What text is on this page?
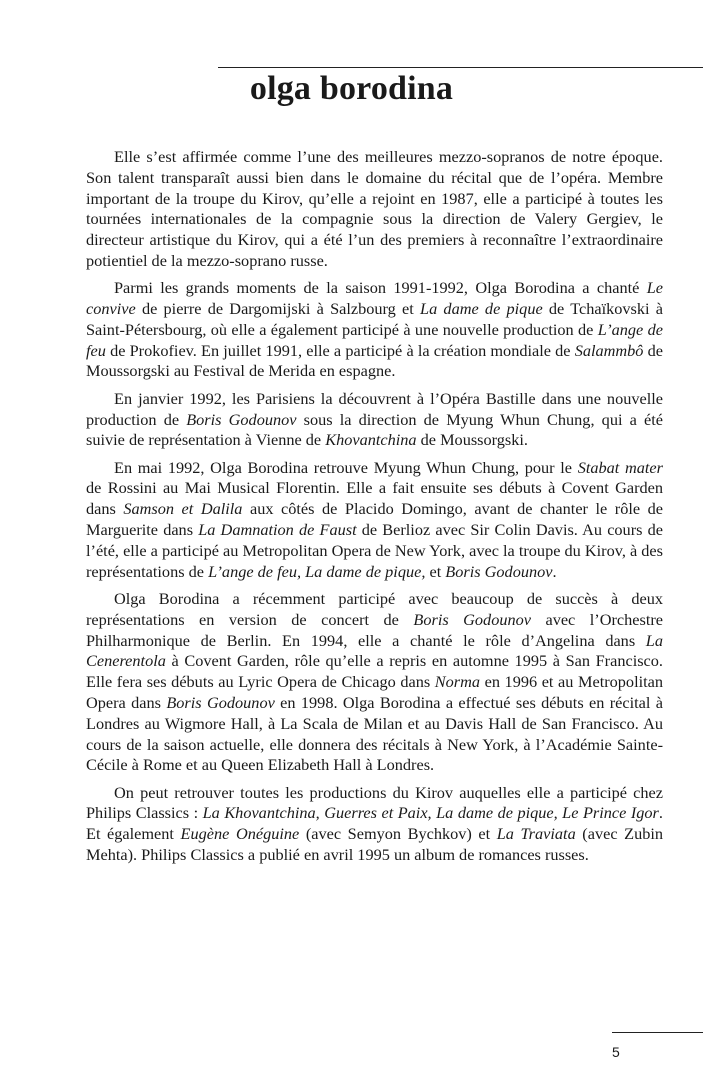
olga borodina

Elle s’est affirmée comme l’une des meilleures mezzo-sopranos de notre époque. Son talent transparaît aussi bien dans le domaine du récital que de l’opéra. Membre important de la troupe du Kirov, qu’elle a rejoint en 1987, elle a participé à toutes les tournées internationales de la compagnie sous la direction de Valery Gergiev, le directeur artistique du Kirov, qui a été l’un des premiers à reconnaître l’extraordinaire potientiel de la mezzo-soprano russe.

Parmi les grands moments de la saison 1991-1992, Olga Borodina a chanté Le convive de pierre de Dargomijski à Salzbourg et La dame de pique de Tchaïkovski à Saint-Pétersbourg, où elle a également participé à une nouvelle production de L’ange de feu de Prokofiev. En juillet 1991, elle a participé à la création mondiale de Salammbô de Moussorgski au Festival de Merida en espagne.

En janvier 1992, les Parisiens la découvrent à l’Opéra Bastille dans une nouvelle production de Boris Godounov sous la direction de Myung Whun Chung, qui a été suivie de représentation à Vienne de Khovantchina de Moussorgski.

En mai 1992, Olga Borodina retrouve Myung Whun Chung, pour le Stabat mater de Rossini au Mai Musical Florentin. Elle a fait ensuite ses débuts à Covent Garden dans Samson et Dalila aux côtés de Placido Domingo, avant de chanter le rôle de Marguerite dans La Damnation de Faust de Berlioz avec Sir Colin Davis. Au cours de l’été, elle a participé au Metropolitan Opera de New York, avec la troupe du Kirov, à des représentations de L’ange de feu, La dame de pique, et Boris Godounov.

Olga Borodina a récemment participé avec beaucoup de succès à deux représentations en version de concert de Boris Godounov avec l’Orchestre Philharmonique de Berlin. En 1994, elle a chanté le rôle d’Angelina dans La Cenerentola à Covent Garden, rôle qu’elle a repris en automne 1995 à San Francisco. Elle fera ses débuts au Lyric Opera de Chicago dans Norma en 1996 et au Metropolitan Opera dans Boris Godounov en 1998. Olga Borodina a effectué ses débuts en récital à Londres au Wigmore Hall, à La Scala de Milan et au Davis Hall de San Francisco. Au cours de la saison actuelle, elle donnera des récitals à New York, à l’Académie Sainte-Cécile à Rome et au Queen Elizabeth Hall à Londres.

On peut retrouver toutes les productions du Kirov auquelles elle a participé chez Philips Classics : La Khovantchina, Guerres et Paix, La dame de pique, Le Prince Igor. Et également Eugène Onéguine (avec Semyon Bychkov) et La Traviata (avec Zubin Mehta). Philips Classics a publié en avril 1995 un album de romances russes.

5
